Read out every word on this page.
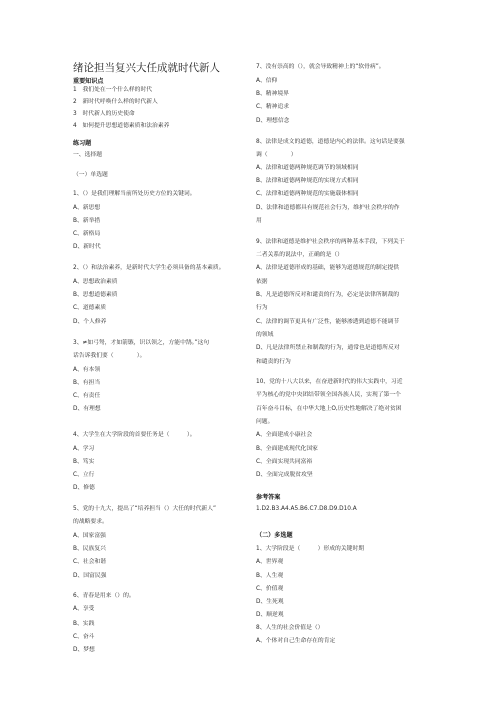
绪论担当复兴大任成就时代新人
重要知识点
1　我们处在一个什么样的时代
2　新时代呼唤什么样的时代新人
3　时代新人的历史使命
4　如何提升思想道德素质和法治素养
练习题
一、选择题
（一）单选题
1、（）是我们理解当前所处历史方位的关键词。
A、新思想
B、新举措
C、新格局
D、新时代
2、（）和法治素养，是新时代大学生必须具备的基本素质。
A、思想政治素质
B、思想道德素质
C、道德素质
D、个人修养
3、≠如弓驽，才如箭镞，识以领之，方能中鹄。”这句
话告诉我们要（　　　　）。
A、有本领
B、有担当
C、有责任
D、有理想
4、大学生在大学阶段的首要任务是（　　　）。
A、学习
B、笃实
C、立行
D、修德
5、党的十九大，提出了“培养担当（）大任的时代新人”
的战略要求。
A、国家富强
B、民族复兴
C、社会和谐
D、国富民强
6、青春是用来（）的。
A、享受
B、实践
C、奋斗
D、梦想
7、没有崇高的（），就会导致精神上的“软骨病”。
A、信仰
B、精神境界
C、精神追求
D、理想信念
8、法律是成文的道德，道德是内心的法律。这句话是要强
调（　　　　）
A、法律和道德两种规范调节的领域相同
B、法律和道德两种规范的实现方式相同
C、法律和道德两种规范的实施载体相同
D、法律和道德都具有规范社会行为，维护社会秩序的作
用
9、法律和道德是维护社会秩序的两种基本手段，下列关于
二者关系的说法中，正确的是（）
A、法律是道德形成的基础，能够为道德规范的制定提供
依据
B、凡是道德所反对和谴责的行为，必定是法律所制裁的
行为
C、法律的调节更具有广泛性，能够渗透到道德不能调节
的领域
D、凡是法律所禁止和制裁的行为，通常也是道德所反对
和谴责的行为
10、党的十八大以来，在奋进新时代的伟大实践中，习近
平为核心的党中央团结带领全国各族人民，实现了第一个
百年奋斗目标，在中华大地上O,历史性地解决了绝对贫困
问题。
A、全面建成小康社会
B、全面建成现代化国家
C、全面实现共同富裕
D、全面完成脱贫攻坚
参考答案
1.D2.B3.A4.A5.B6.C7.D8.D9.D10.A
（二）多选题
1、大学阶段是（　　　）形成的关键时期
A、世界观
B、人生观
C、价值观
D、生死观
D、顺逆观
8、人生的社会价值是（）
A、个体对自己生命存在的肯定
